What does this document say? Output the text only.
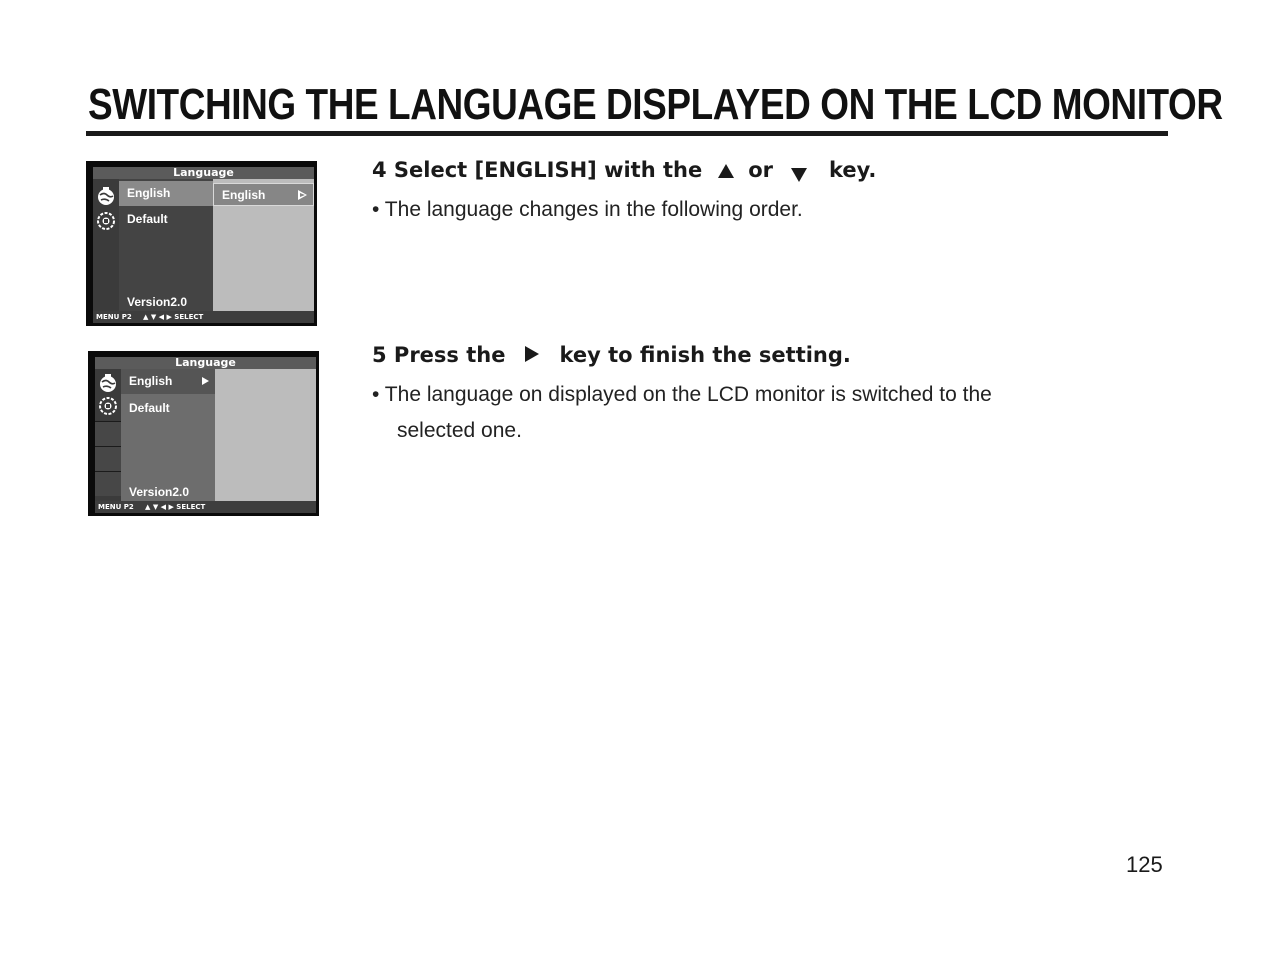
SWITCHING THE LANGUAGE DISPLAYED ON THE LCD MONITOR
Language
English
Default
Version2.0
English
MENU P2 ▲ ▼ ◀ ▶ SELECT
Language
English
Default
Version2.0
MENU P2 ▲ ▼ ◀ ▶ SELECT
4 Select [ENGLISH] with the or	key.

• The language changes in the following order.

5 Press the	key to finish the setting.

• The language on displayed on the LCD monitor is switched to the
selected one.

125
